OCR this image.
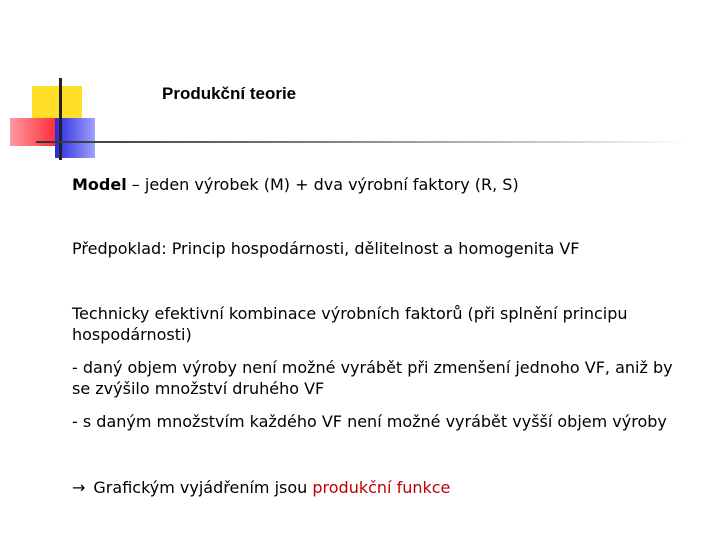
Produkční teorie
Model – jeden výrobek (M) + dva výrobní faktory (R, S)
Předpoklad: Princip hospodárnosti, dělitelnost a homogenita VF
Technicky efektivní kombinace výrobních faktorů (při splnění principu hospodárnosti)
- daný objem výroby není možné vyrábět při zmenšení jednoho VF, aniž by se zvýšilo množství druhého VF
- s daným množstvím každého VF není možné vyrábět vyšší objem výroby
→ Grafickým vyjádřením jsou produkční funkce
